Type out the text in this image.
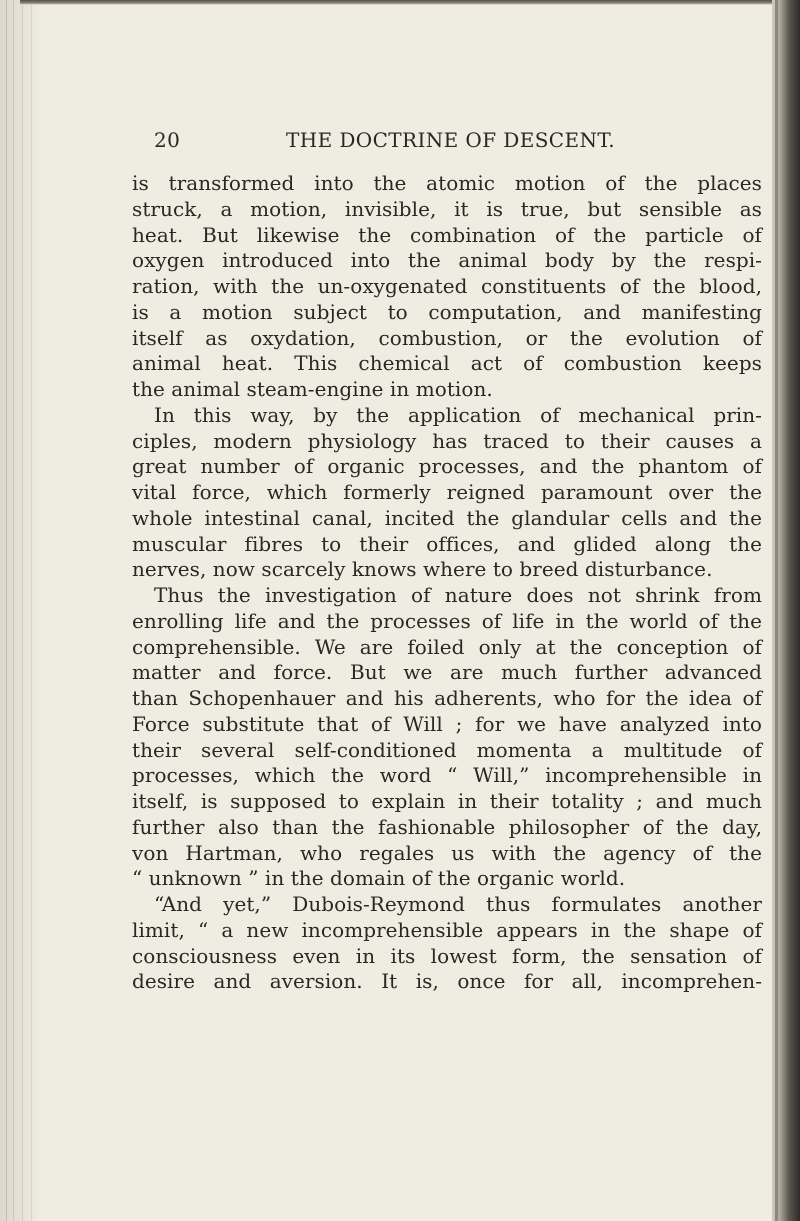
20	THE DOCTRINE OF DESCENT.
is transformed into the atomic motion of the places
struck, a motion, invisible, it is true, but sensible as
heat. But likewise the combination of the particle of
oxygen introduced into the animal body by the respi-
ration, with the un-oxygenated constituents of the blood,
is a motion subject to computation, and manifesting
itself as oxydation, combustion, or the evolution of
animal heat. This chemical act of combustion keeps
the animal steam-engine in motion.
In this way, by the application of mechanical prin-
ciples, modern physiology has traced to their causes a
great number of organic processes, and the phantom of
vital force, which formerly reigned paramount over the
whole intestinal canal, incited the glandular cells and the
muscular fibres to their offices, and glided along the
nerves, now scarcely knows where to breed disturbance.
Thus the investigation of nature does not shrink from
enrolling life and the processes of life in the world of the
comprehensible. We are foiled only at the conception of
matter and force. But we are much further advanced
than Schopenhauer and his adherents, who for the idea of
Force substitute that of Will ; for we have analyzed into
their several self-conditioned momenta a multitude of
processes, which the word “ Will,” incomprehensible in
itself, is supposed to explain in their totality ; and much
further also than the fashionable philosopher of the day,
von Hartman, who regales us with the agency of the
“ unknown ” in the domain of the organic world.
“And yet,” Dubois-Reymond thus formulates another
limit, “ a new incomprehensible appears in the shape of
consciousness even in its lowest form, the sensation of
desire and aversion. It is, once for all, incomprehen-
